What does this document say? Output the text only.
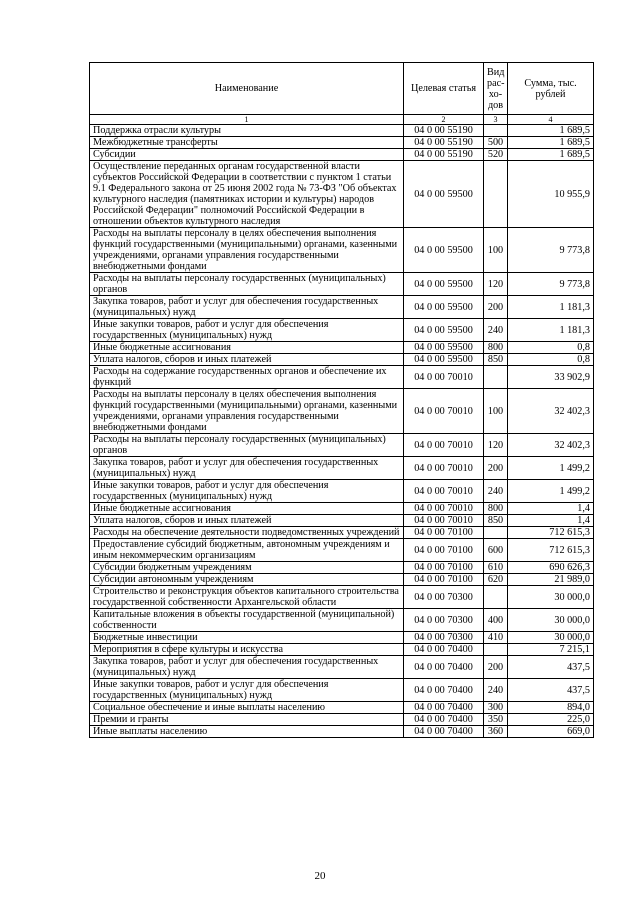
Наименование	Целевая статья	Вид рас- хо- дов	Сумма, тыс. рублей
1	2	3	4
Поддержка отрасли культуры	04 0 00 55190		1 689,5
Межбюджетные трансферты	04 0 00 55190	500	1 689,5
Субсидии	04 0 00 55190	520	1 689,5
Осуществление переданных органам государственной власти субъектов Российской Федерации в соответствии с пунктом 1 статьи 9.1 Федерального закона от 25 июня 2002 года № 73-ФЗ "Об объектах культурного наследия (памятниках истории и культуры) народов Российской Федерации" полномочий Российской Федерации в отношении объектов культурного наследия	04 0 00 59500		10 955,9
Расходы на выплаты персоналу в целях обеспечения выполнения функций государственными (муниципальными) органами, казенными учреждениями, органами управления государственными внебюджетными фондами	04 0 00 59500	100	9 773,8
Расходы на выплаты персоналу государственных (муниципальных) органов	04 0 00 59500	120	9 773,8
Закупка товаров, работ и услуг для обеспечения государственных (муниципальных) нужд	04 0 00 59500	200	1 181,3
Иные закупки товаров, работ и услуг для обеспечения государственных (муниципальных) нужд	04 0 00 59500	240	1 181,3
Иные бюджетные ассигнования	04 0 00 59500	800	0,8
Уплата налогов, сборов и иных платежей	04 0 00 59500	850	0,8
Расходы на содержание государственных органов и обеспечение их функций	04 0 00 70010		33 902,9
Расходы на выплаты персоналу в целях обеспечения выполнения функций государственными (муниципальными) органами, казенными учреждениями, органами управления государственными внебюджетными фондами	04 0 00 70010	100	32 402,3
Расходы на выплаты персоналу государственных (муниципальных) органов	04 0 00 70010	120	32 402,3
Закупка товаров, работ и услуг для обеспечения государственных (муниципальных) нужд	04 0 00 70010	200	1 499,2
Иные закупки товаров, работ и услуг для обеспечения государственных (муниципальных) нужд	04 0 00 70010	240	1 499,2
Иные бюджетные ассигнования	04 0 00 70010	800	1,4
Уплата налогов, сборов и иных платежей	04 0 00 70010	850	1,4
Расходы на обеспечение деятельности подведомственных учреждений	04 0 00 70100		712 615,3
Предоставление субсидий бюджетным, автономным учреждениям и иным некоммерческим организациям	04 0 00 70100	600	712 615,3
Субсидии бюджетным учреждениям	04 0 00 70100	610	690 626,3
Субсидии автономным учреждениям	04 0 00 70100	620	21 989,0
Строительство и реконструкция объектов капитального строительства государственной собственности Архангельской области	04 0 00 70300		30 000,0
Капитальные вложения в объекты государственной (муниципальной) собственности	04 0 00 70300	400	30 000,0
Бюджетные инвестиции	04 0 00 70300	410	30 000,0
Мероприятия в сфере культуры и искусства	04 0 00 70400		7 215,1
Закупка товаров, работ и услуг для обеспечения государственных (муниципальных) нужд	04 0 00 70400	200	437,5
Иные закупки товаров, работ и услуг для обеспечения государственных (муниципальных) нужд	04 0 00 70400	240	437,5
Социальное обеспечение и иные выплаты населению	04 0 00 70400	300	894,0
Премии и гранты	04 0 00 70400	350	225,0
Иные выплаты населению	04 0 00 70400	360	669,0
20
